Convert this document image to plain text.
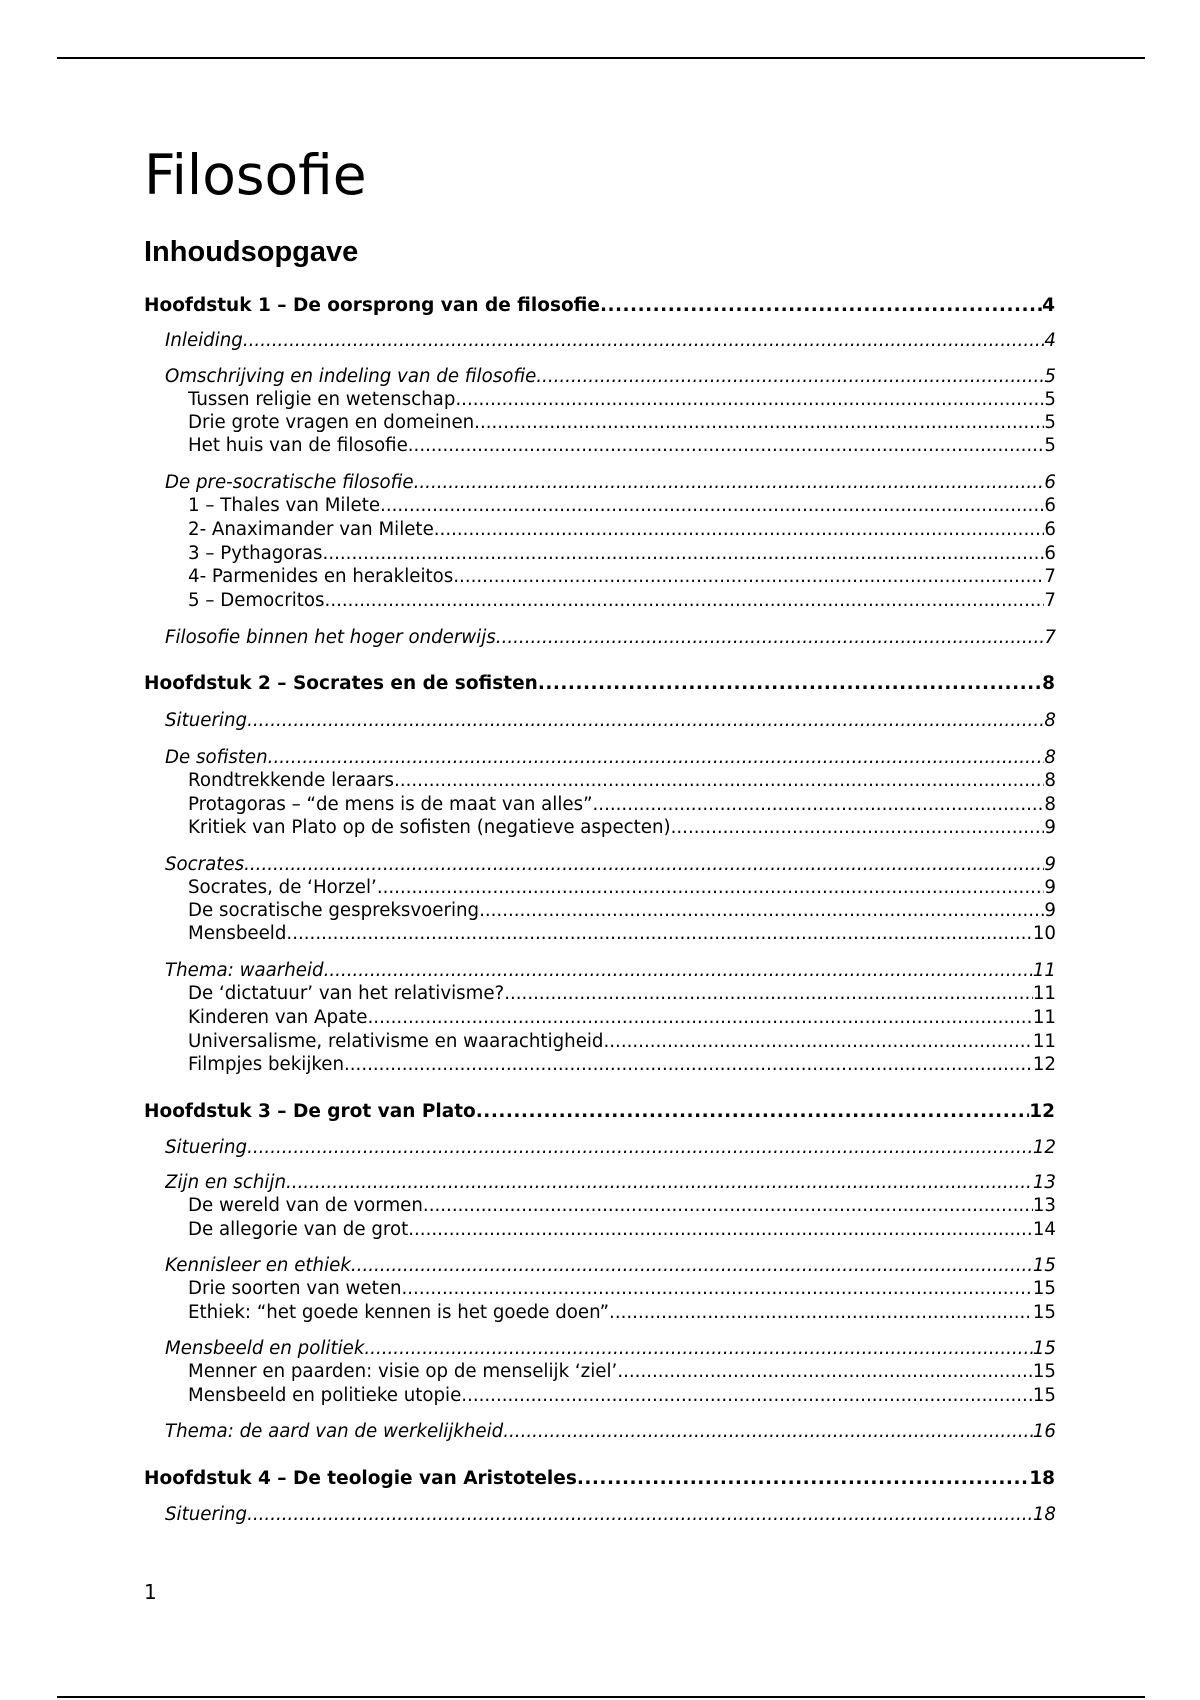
Filosofie
Inhoudsopgave
Hoofdstuk 1 – De oorsprong van de filosofie .....	4
Inleiding .....	4
Omschrijving en indeling van de filosofie .....	5
Tussen religie en wetenschap .....	5
Drie grote vragen en domeinen .....	5
Het huis van de filosofie .....	5
De pre-socratische filosofie .....	6
1 – Thales van Milete .....	6
2- Anaximander van Milete .....	6
3 – Pythagoras .....	6
4- Parmenides en herakleitos .....	7
5 – Democritos .....	7
Filosofie binnen het hoger onderwijs .....	7
Hoofdstuk 2 – Socrates en de sofisten .....	8
Situering .....	8
De sofisten .....	8
Rondtrekkende leraars .....	8
Protagoras – “de mens is de maat van alles” .....	8
Kritiek van Plato op de sofisten (negatieve aspecten) .....	9
Socrates .....	9
Socrates, de ‘Horzel’ .....	9
De socratische gespreksvoering .....	9
Mensbeeld .....	10
Thema: waarheid .....	11
De ‘dictatuur’ van het relativisme? .....	11
Kinderen van Apate .....	11
Universalisme, relativisme en waarachtigheid .....	11
Filmpjes bekijken .....	12
Hoofdstuk 3 – De grot van Plato .....	12
Situering .....	12
Zijn en schijn .....	13
De wereld van de vormen .....	13
De allegorie van de grot .....	14
Kennisleer en ethiek .....	15
Drie soorten van weten .....	15
Ethiek: “het goede kennen is het goede doen” .....	15
Mensbeeld en politiek .....	15
Menner en paarden: visie op de menselijk ‘ziel’ .....	15
Mensbeeld en politieke utopie .....	15
Thema: de aard van de werkelijkheid .....	16
Hoofdstuk 4 – De teologie van Aristoteles .....	18
Situering .....	18
1
